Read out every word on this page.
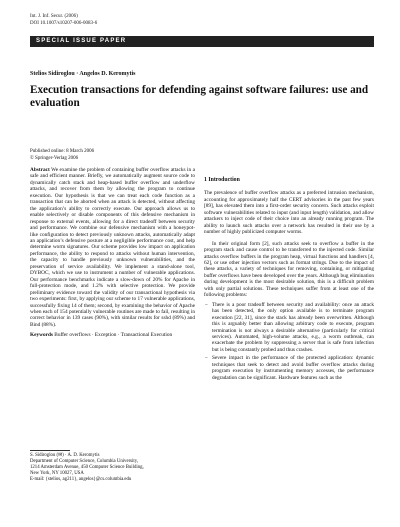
Int. J. Inf. Secur. (2006)
DOI 10.1007/s10207-006-0083-6
SPECIAL ISSUE PAPER
Stelios Sidiroglou · Angelos D. Keromytis
Execution transactions for defending against software failures: use and evaluation
Published online: 8 March 2006
© Springer-Verlag 2006

Abstract We examine the problem of containing buffer overflow attacks in a safe and efficient manner. Briefly, we automatically augment source code to dynamically catch stack and heap-based buffer overflow and underflow attacks, and recover from them by allowing the program to continue execution. Our hypothesis is that we can treat each code function as a transaction that can be aborted when an attack is detected, without affecting the application’s ability to correctly execute. Our approach allows us to enable selectively or disable components of this defensive mechanism in response to external events, allowing for a direct tradeoff between security and performance. We combine our defensive mechanism with a honeypot-like configuration to detect previously unknown attacks, automatically adapt an application’s defensive posture at a negligible performance cost, and help determine worm signatures. Our scheme provides low impact on application performance, the ability to respond to attacks without human intervention, the capacity to handle previously unknown vulnerabilities, and the preservation of service availability. We implement a stand-alone tool, DYBOC, which we use to instrument a number of vulnerable applications. Our performance benchmarks indicate a slow-down of 20% for Apache in full-protection mode, and 1.2% with selective protection. We provide preliminary evidence toward the validity of our transactional hypothesis via two experiments: first, by applying our scheme to 17 vulnerable applications, successfully fixing 14 of them; second, by examining the behavior of Apache when each of 154 potentially vulnerable routines are made to fail, resulting in correct behavior in 139 cases (90%), with similar results for sshd (89%) and Bind (88%).

Keywords Buffer overflows · Exception · Transactional Execution

1 Introduction

The prevalence of buffer overflow attacks as a preferred intrusion mechanism, accounting for approximately half the CERT advisories in the past few years [89], has elevated them into a first-order security concern. Such attacks exploit software vulnerabilities related to input (and input length) validation, and allow attackers to inject code of their choice into an already running program. The ability to launch such attacks over a network has resulted in their use by a number of highly publicized computer worms.

In their original form [2], such attacks seek to overflow a buffer in the program stack and cause control to be transferred to the injected code. Similar attacks overflow buffers in the program heap, virtual functions and handlers [4, 62], or use other injection vectors such as format strings. Due to the impact of these attacks, a variety of techniques for removing, containing, or mitigating buffer overflows have been developed over the years. Although bug elimination during development is the most desirable solution, this is a difficult problem with only partial solutions. These techniques suffer from at least one of the following problems:

– There is a poor tradeoff between security and availability: once an attack has been detected, the only option available is to terminate program execution [22, 31], since the stack has already been overwritten. Although this is arguably better than allowing arbitrary code to execute, program termination is not always a desirable alternative (particularly for critical services). Automated, high-volume attacks, e.g., a worm outbreak, can exacerbate the problem by suppressing a server that is safe from infection but is being constantly probed and thus crashes.
– Severe impact in the performance of the protected application: dynamic techniques that seek to detect and avoid buffer overflow attacks during program execution by instrumenting memory accesses, the performance degradation can be significant. Hardware features such as the
S. Sidiroglou (✉) · A. D. Keromytis
Department of Computer Science, Columbia University,
1214 Amsterdam Avenue, 450 Computer Science Building,
New York, NY 10027, USA
E-mail: {stelios, ag211}, angelos}@cs.columbia.edu
